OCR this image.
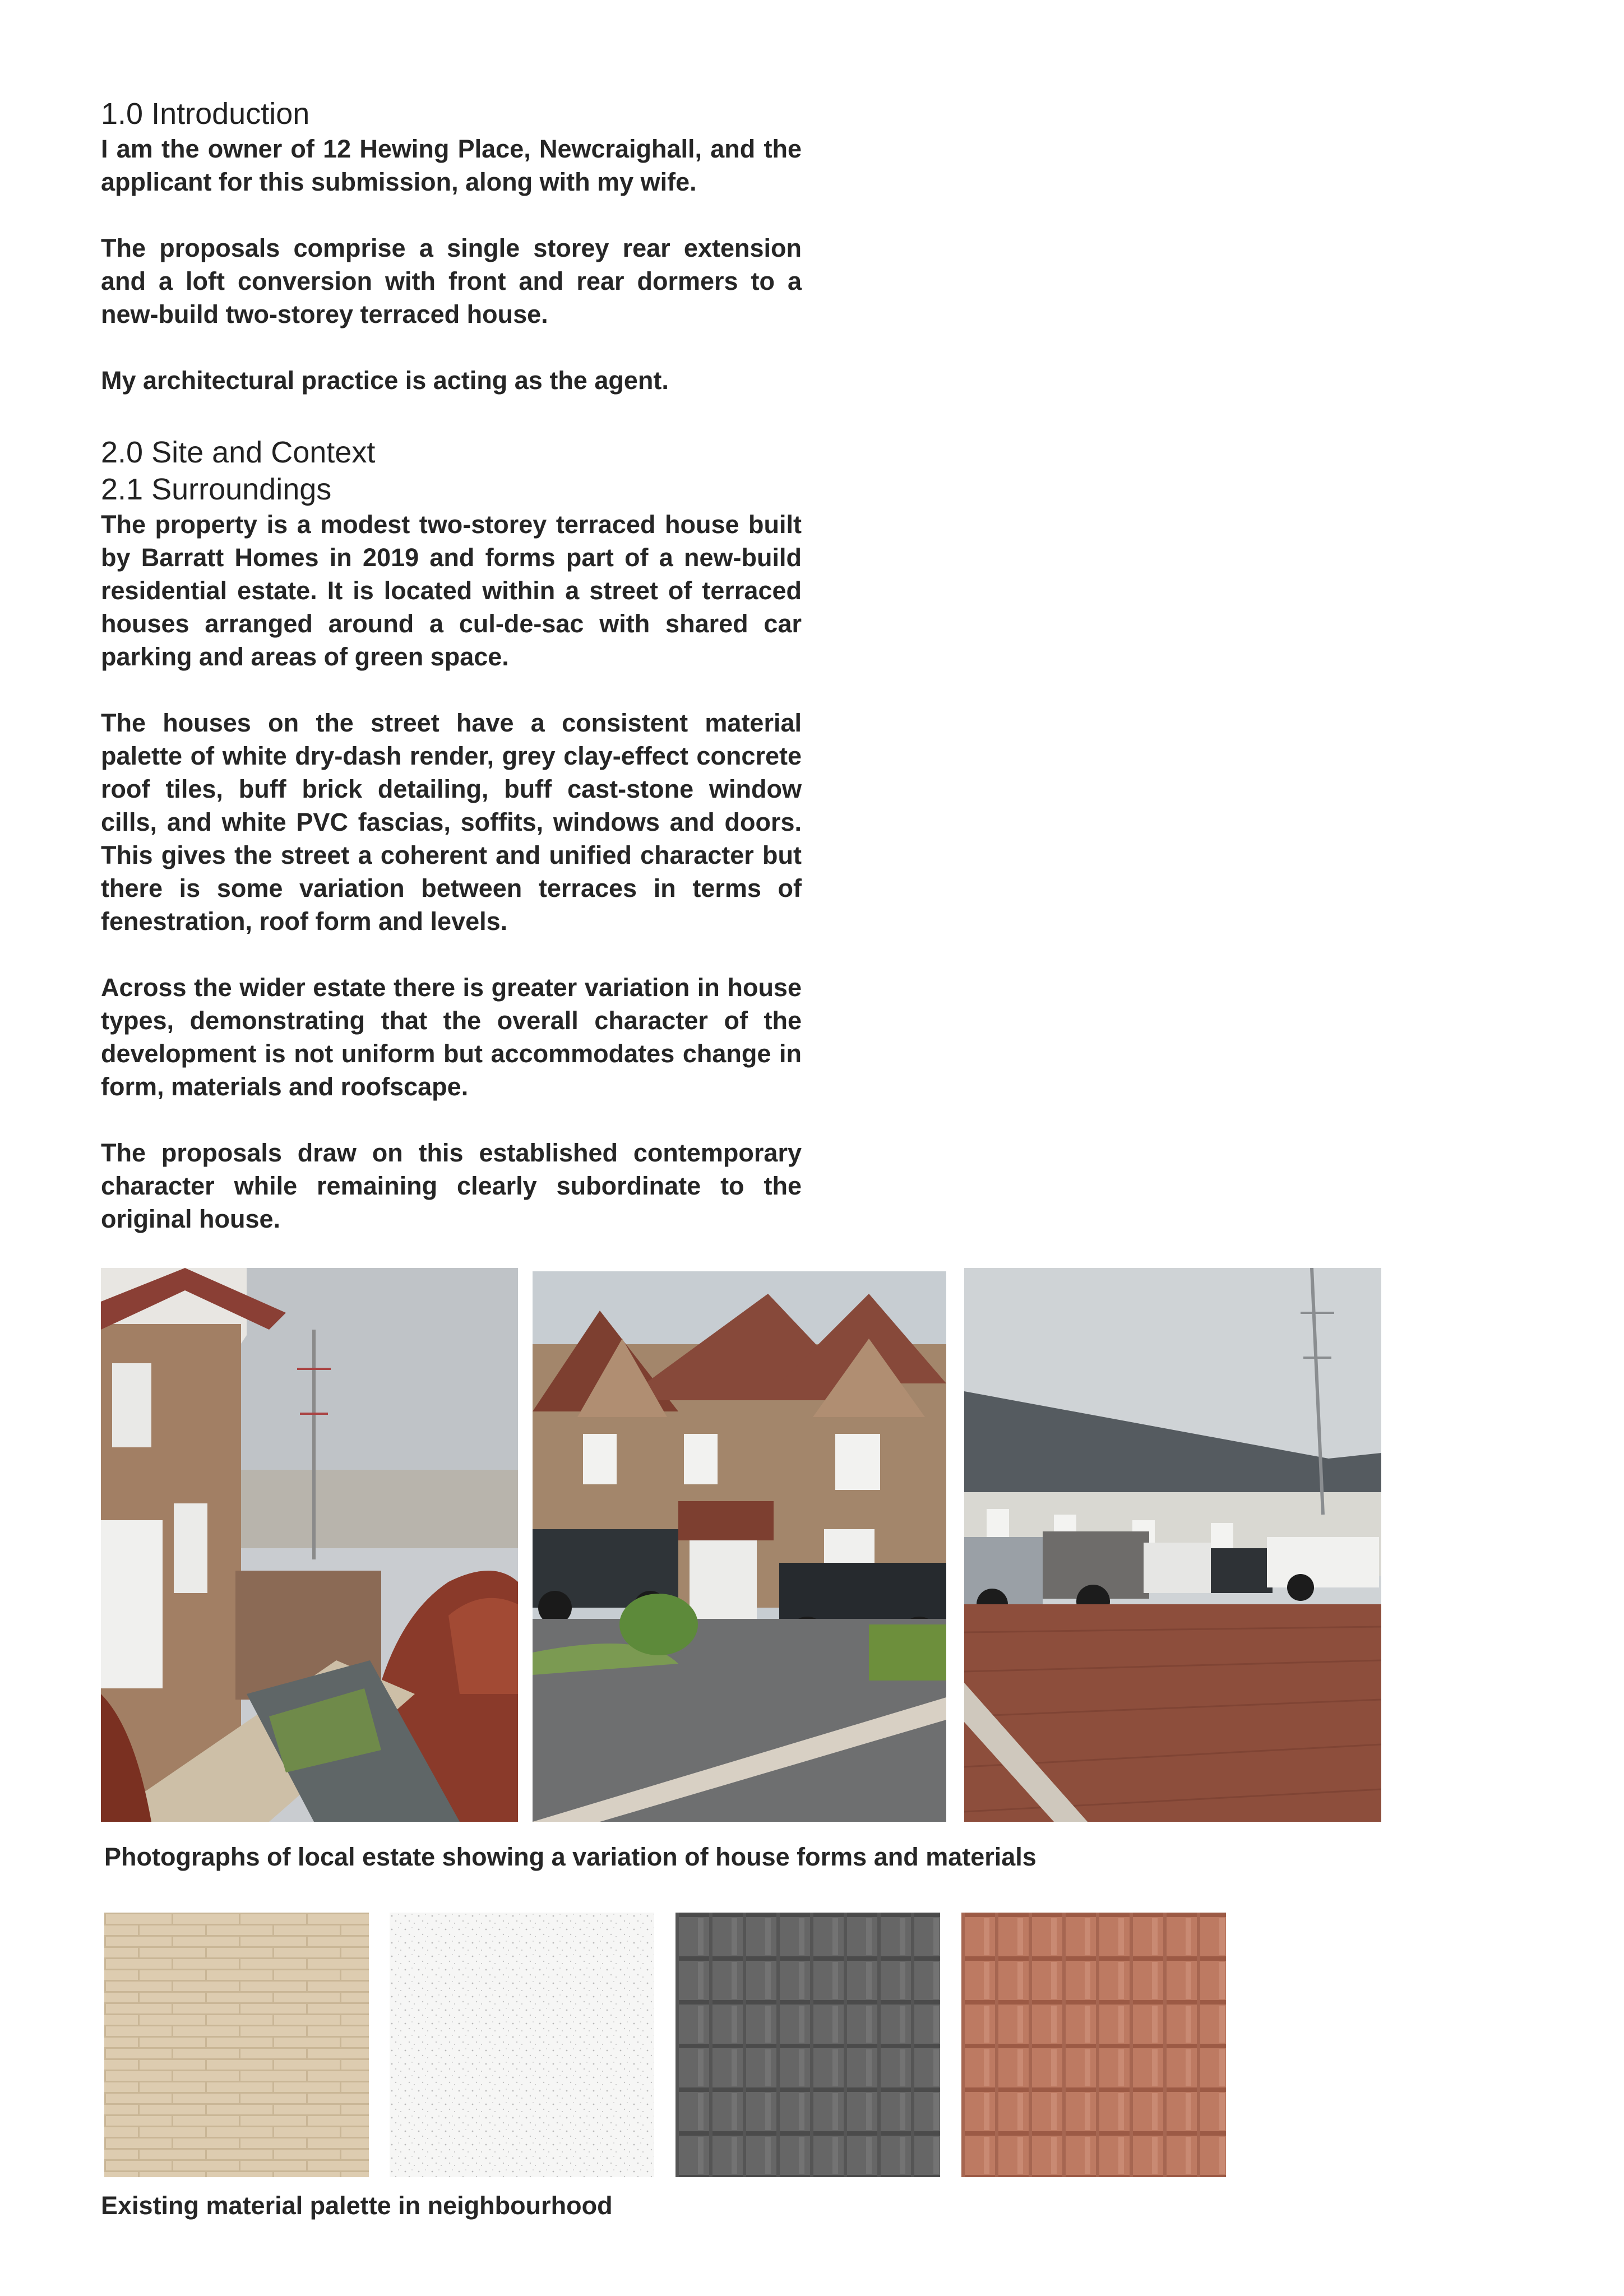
1.0 Introduction

I am the owner of 12 Hewing Place, Newcraighall, and the applicant for this submission, along with my wife.

The proposals comprise a single storey rear extension and a loft conversion with front and rear dormers to a new-build two-storey terraced house.

My architectural practice is acting as the agent.

2.0 Site and Context
2.1 Surroundings

The property is a modest two-storey terraced house built by Barratt Homes in 2019 and forms part of a new-build residential estate. It is located within a street of terraced houses arranged around a cul-de-sac with shared car parking and areas of green space.

The houses on the street have a consistent material palette of white dry-dash render, grey clay-effect concrete roof tiles, buff brick detailing, buff cast-stone window cills, and white PVC fascias, soffits, windows and doors. This gives the street a coherent and unified character but there is some variation between terraces in terms of fenestration, roof form and levels.

Across the wider estate there is greater variation in house types, demonstrating that the overall character of the development is not uniform but accommodates change in form, materials and roofscape.

The proposals draw on this established contemporary character while remaining clearly subordinate to the original house.

Photographs of local estate showing a variation of house forms and materials
Existing material palette in neighbourhood
